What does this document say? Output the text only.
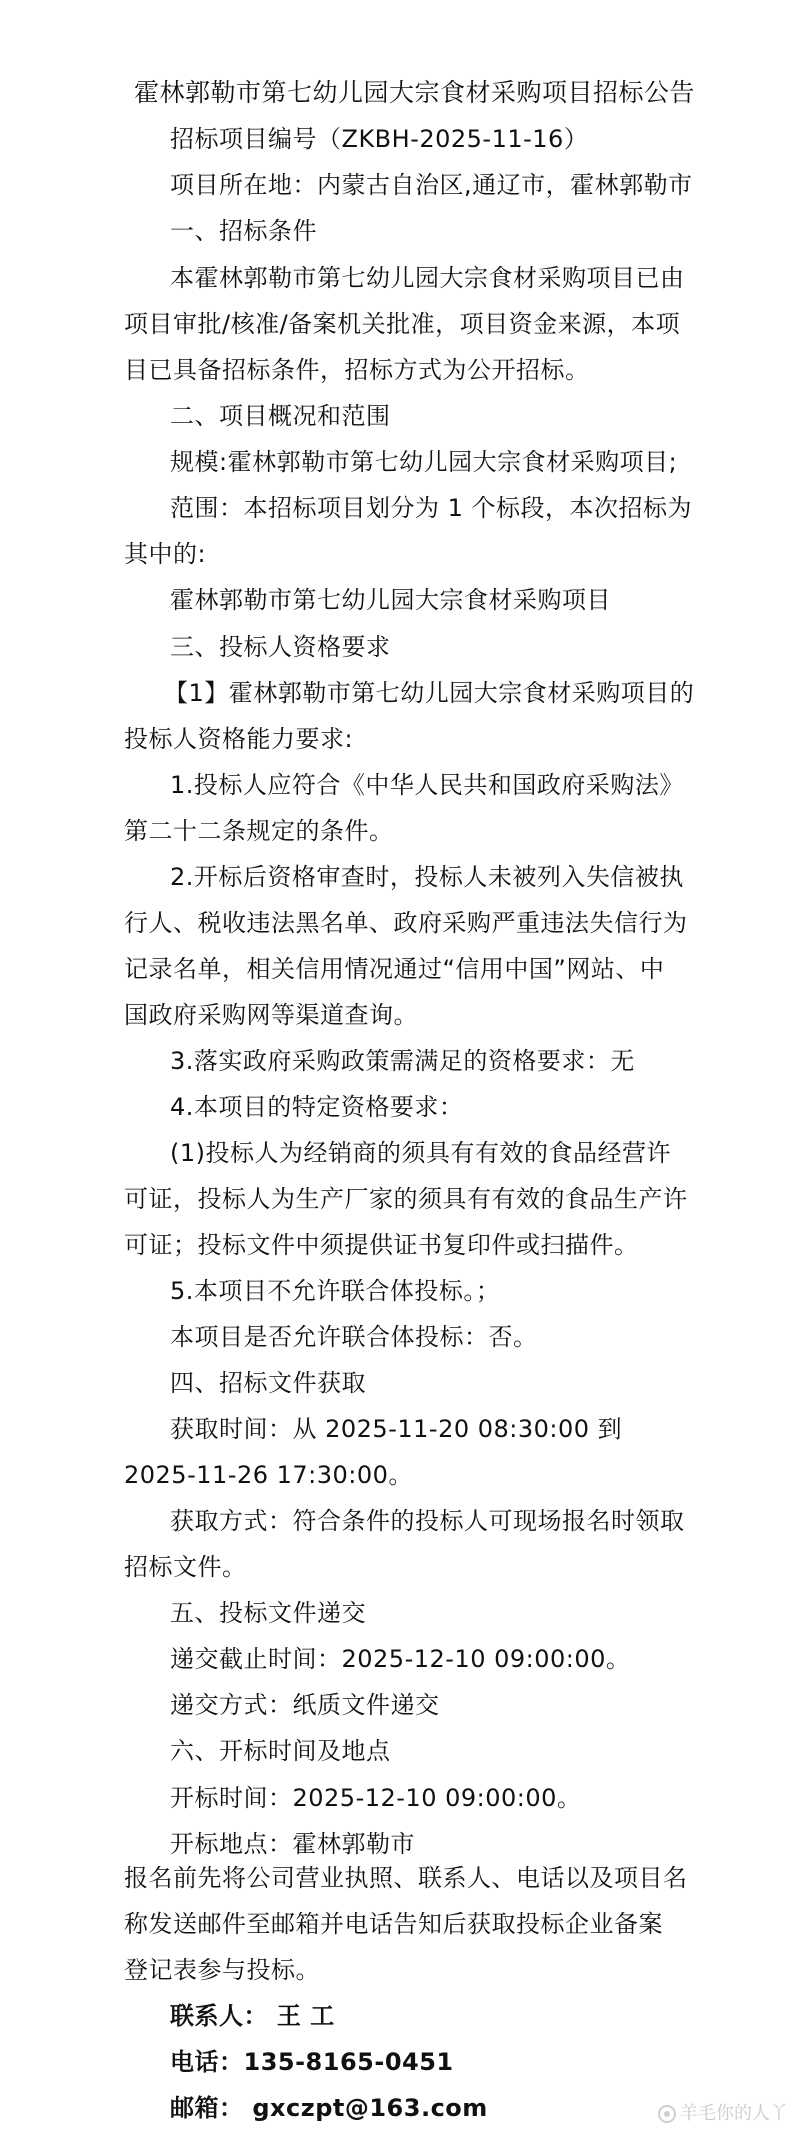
霍林郭勒市第七幼儿园大宗食材采购项目招标公告
招标项目编号（ZKBH-2025-11-16）
项目所在地：内蒙古自治区,通辽市，霍林郭勒市
一、招标条件
本霍林郭勒市第七幼儿园大宗食材采购项目已由
项目审批/核准/备案机关批准，项目资金来源，本项
目已具备招标条件，招标方式为公开招标。
二、项目概况和范围
规模:霍林郭勒市第七幼儿园大宗食材采购项目;
范围：本招标项目划分为 1 个标段，本次招标为
其中的:
霍林郭勒市第七幼儿园大宗食材采购项目
三、投标人资格要求
【1】霍林郭勒市第七幼儿园大宗食材采购项目的
投标人资格能力要求:
1.投标人应符合《中华人民共和国政府采购法》
第二十二条规定的条件。
2.开标后资格审查时，投标人未被列入失信被执
行人、税收违法黑名单、政府采购严重违法失信行为
记录名单，相关信用情况通过“信用中国”网站、中
国政府采购网等渠道查询。
3.落实政府采购政策需满足的资格要求：无
4.本项目的特定资格要求：
(1)投标人为经销商的须具有有效的食品经营许
可证，投标人为生产厂家的须具有有效的食品生产许
可证；投标文件中须提供证书复印件或扫描件。
5.本项目不允许联合体投标。；
本项目是否允许联合体投标：否。
四、招标文件获取
获取时间：从 2025-11-20 08:30:00 到
2025-11-26 17:30:00。
获取方式：符合条件的投标人可现场报名时领取
招标文件。
五、投标文件递交
递交截止时间：2025-12-10 09:00:00。
递交方式：纸质文件递交
六、开标时间及地点
开标时间：2025-12-10 09:00:00。
开标地点：霍林郭勒市
报名前先将公司营业执照、联系人、电话以及项目名
称发送邮件至邮箱并电话告知后获取投标企业备案
登记表参与投标。
联系人： 王 工
电话：135-8165-0451
邮箱： gxczpt@163.com	羊毛你的人丫
